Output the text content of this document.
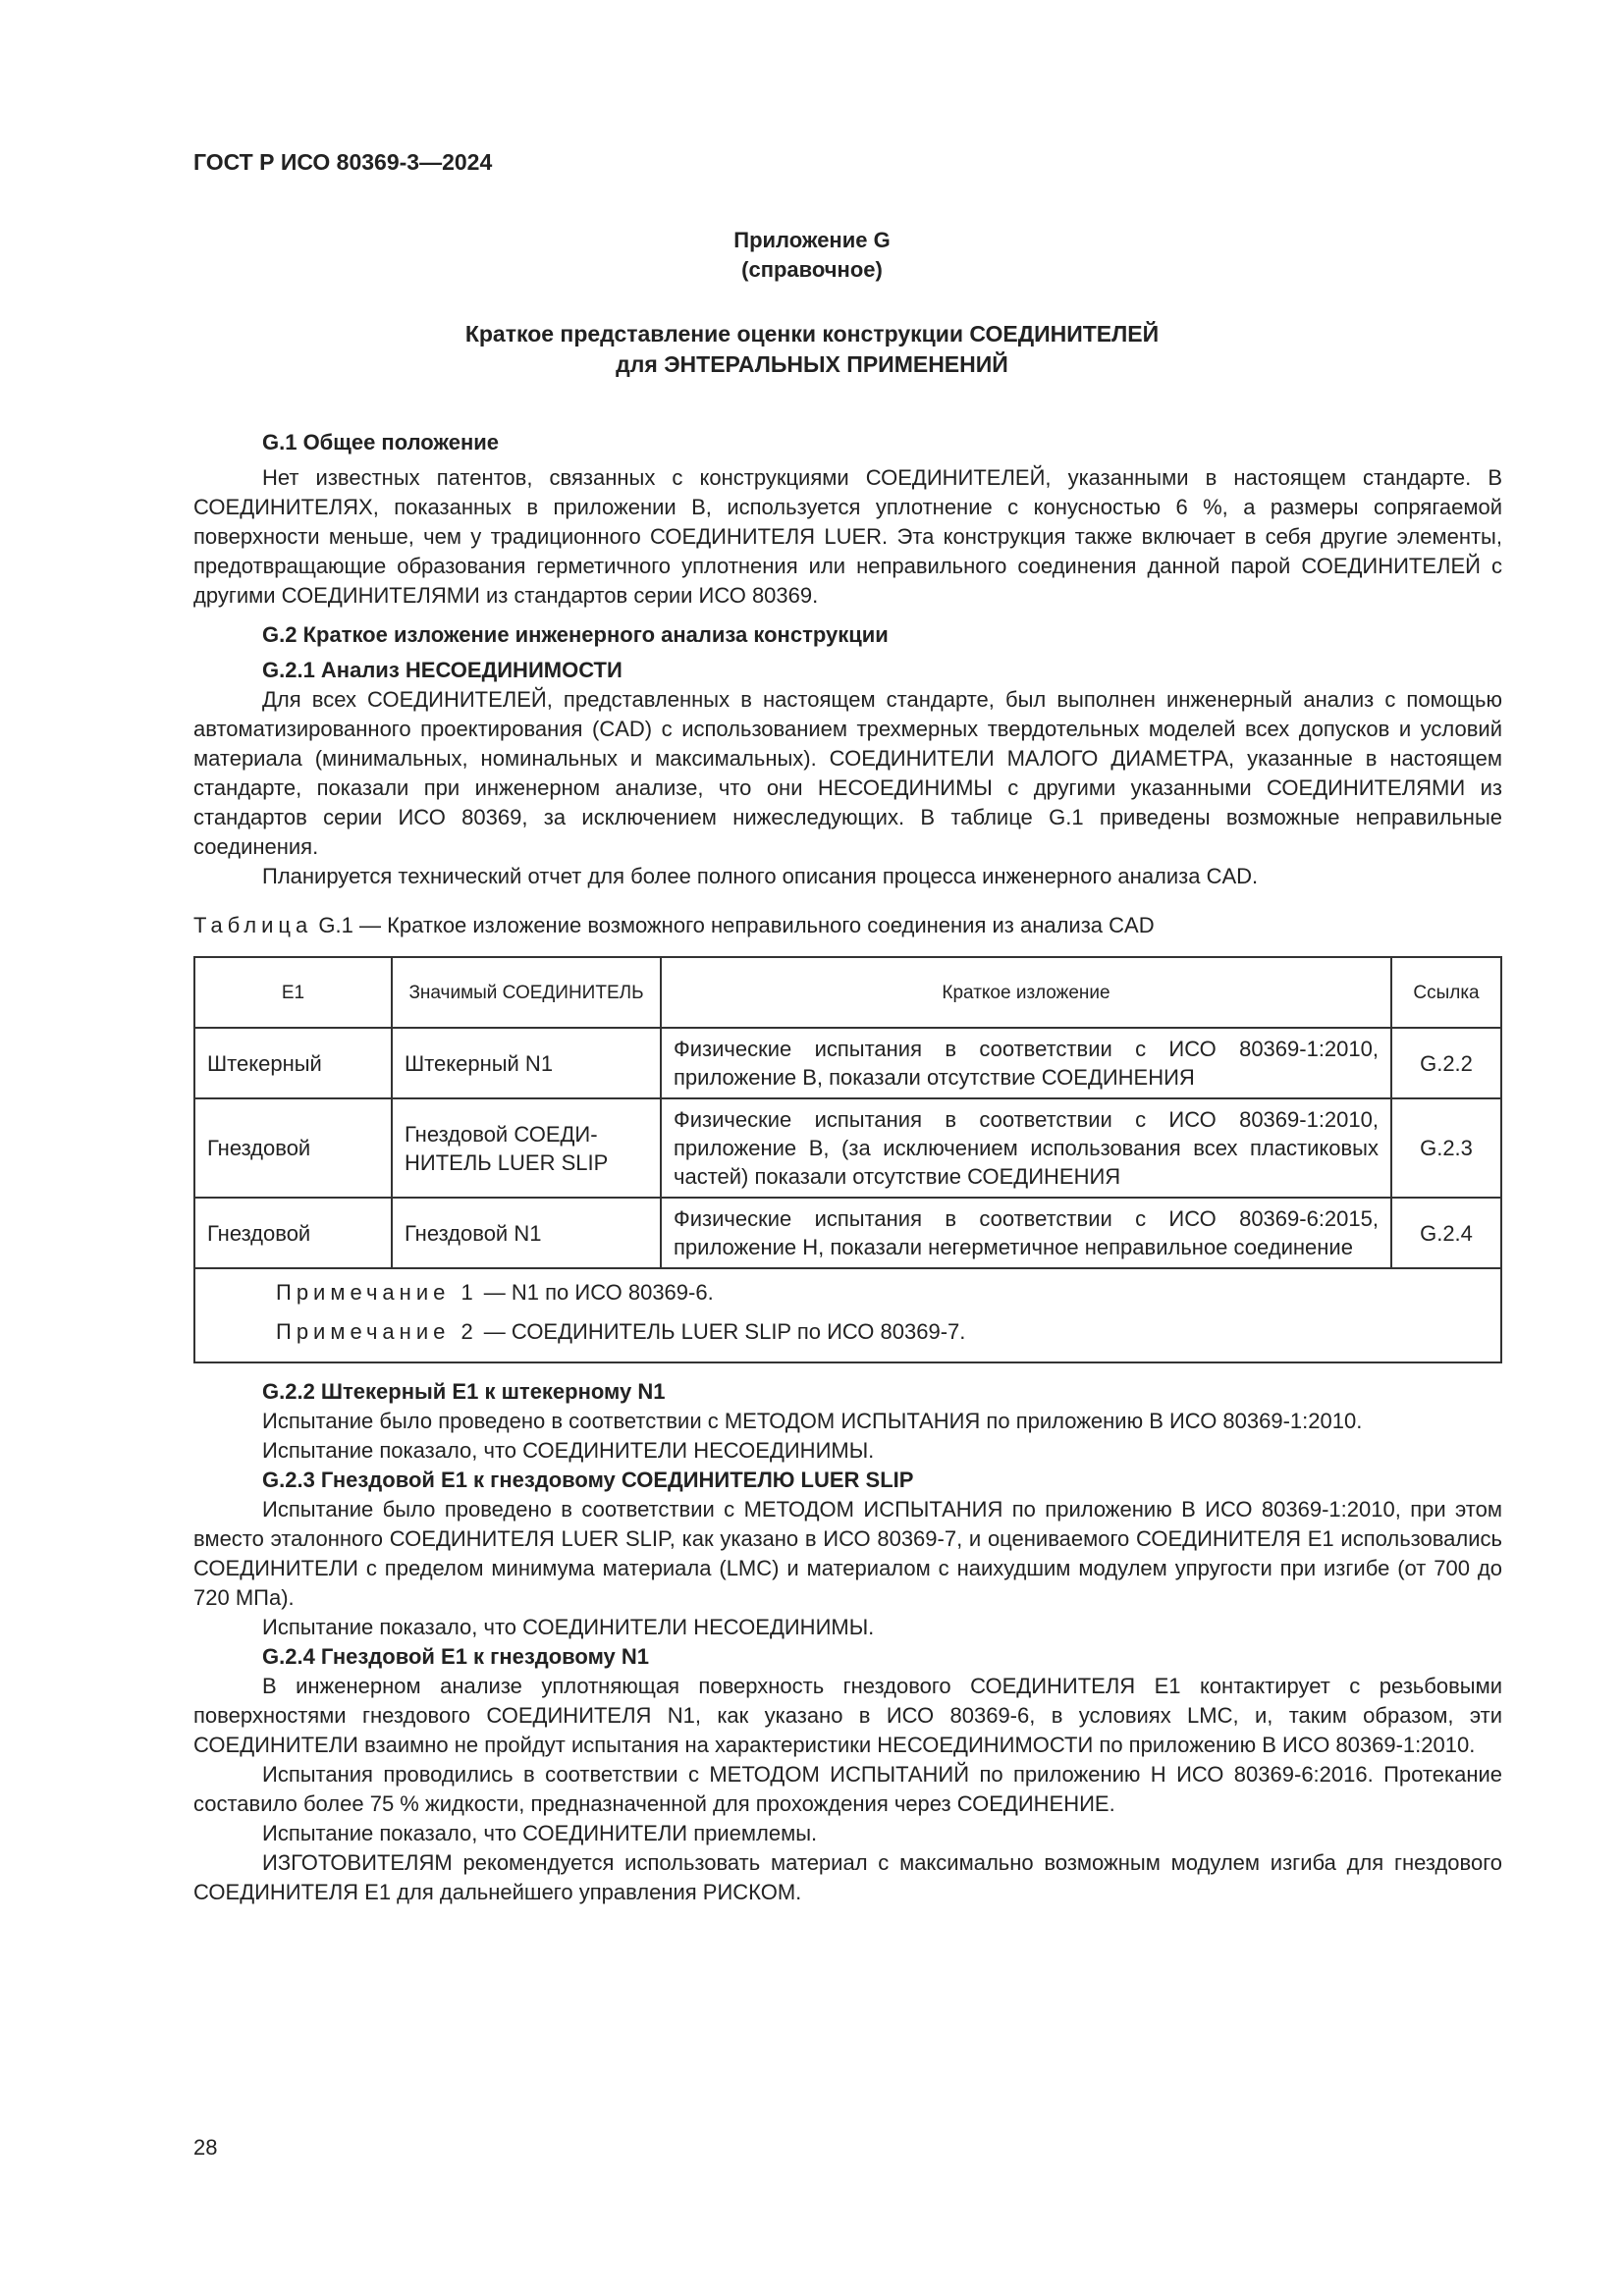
ГОСТ Р ИСО 80369-3—2024
Приложение G
(справочное)
Краткое представление оценки конструкции СОЕДИНИТЕЛЕЙ
для ЭНТЕРАЛЬНЫХ ПРИМЕНЕНИЙ

G.1 Общее положение

Нет известных патентов, связанных с конструкциями СОЕДИНИТЕЛЕЙ, указанными в настоящем стандарте. В СОЕДИНИТЕЛЯХ, показанных в приложении B, используется уплотнение с конусностью 6 %, а размеры сопрягаемой поверхности меньше, чем у традиционного СОЕДИНИТЕЛЯ LUER. Эта конструкция также включает в себя другие элементы, предотвращающие образования герметичного уплотнения или неправильного соединения данной парой СОЕДИНИТЕЛЕЙ с другими СОЕДИНИТЕЛЯМИ из стандартов серии ИСО 80369.

G.2 Краткое изложение инженерного анализа конструкции

G.2.1 Анализ НЕСОЕДИНИМОСТИ

Для всех СОЕДИНИТЕЛЕЙ, представленных в настоящем стандарте, был выполнен инженерный анализ с помощью автоматизированного проектирования (CAD) с использованием трехмерных твердотельных моделей всех допусков и условий материала (минимальных, номинальных и максимальных). СОЕДИНИТЕЛИ МАЛОГО ДИАМЕТРА, указанные в настоящем стандарте, показали при инженерном анализе, что они НЕСОЕДИНИМЫ с другими указанными СОЕДИНИТЕЛЯМИ из стандартов серии ИСО 80369, за исключением нижеследующих. В таблице G.1 приведены возможные неправильные соединения.

Планируется технический отчет для более полного описания процесса инженерного анализа CAD.

Таблица G.1 — Краткое изложение возможного неправильного соединения из анализа CAD
E1	Значимый СОЕДИНИТЕЛЬ	Краткое изложение	Ссылка
Штекерный	Штекерный N1	Физические испытания в соответствии с ИСО 80369-1:2010, приложение B, показали отсутствие СОЕДИНЕНИЯ	G.2.2
Гнездовой	Гнездовой СОЕДИ-НИТЕЛЬ LUER SLIP	Физические испытания в соответствии с ИСО 80369-1:2010, приложение B, (за исключением использования всех пластиковых частей) показали отсутствие СОЕДИНЕНИЯ	G.2.3
Гнездовой	Гнездовой N1	Физические испытания в соответствии с ИСО 80369-6:2015, приложение H, показали негерметичное неправильное соединение	G.2.4

Примечание 1 — N1 по ИСО 80369-6.
Примечание 2 — СОЕДИНИТЕЛЬ LUER SLIP по ИСО 80369-7.			

G.2.2 Штекерный E1 к штекерному N1

Испытание было проведено в соответствии с МЕТОДОМ ИСПЫТАНИЯ по приложению B ИСО 80369-1:2010.

Испытание показало, что СОЕДИНИТЕЛИ НЕСОЕДИНИМЫ.

G.2.3 Гнездовой E1 к гнездовому СОЕДИНИТЕЛЮ LUER SLIP

Испытание было проведено в соответствии с МЕТОДОМ ИСПЫТАНИЯ по приложению B ИСО 80369-1:2010, при этом вместо эталонного СОЕДИНИТЕЛЯ LUER SLIP, как указано в ИСО 80369-7, и оцениваемого СОЕДИНИТЕЛЯ E1 использовались СОЕДИНИТЕЛИ с пределом минимума материала (LMC) и материалом с наихудшим модулем упругости при изгибе (от 700 до 720 МПа).

Испытание показало, что СОЕДИНИТЕЛИ НЕСОЕДИНИМЫ.

G.2.4 Гнездовой E1 к гнездовому N1

В инженерном анализе уплотняющая поверхность гнездового СОЕДИНИТЕЛЯ E1 контактирует с резьбовыми поверхностями гнездового СОЕДИНИТЕЛЯ N1, как указано в ИСО 80369-6, в условиях LMC, и, таким образом, эти СОЕДИНИТЕЛИ взаимно не пройдут испытания на характеристики НЕСОЕДИНИМОСТИ по приложению B ИСО 80369-1:2010.

Испытания проводились в соответствии с МЕТОДОМ ИСПЫТАНИЙ по приложению H ИСО 80369-6:2016. Протекание составило более 75 % жидкости, предназначенной для прохождения через СОЕДИНЕНИЕ.

Испытание показало, что СОЕДИНИТЕЛИ приемлемы.

ИЗГОТОВИТЕЛЯМ рекомендуется использовать материал с максимально возможным модулем изгиба для гнездового СОЕДИНИТЕЛЯ E1 для дальнейшего управления РИСКОМ.

28
